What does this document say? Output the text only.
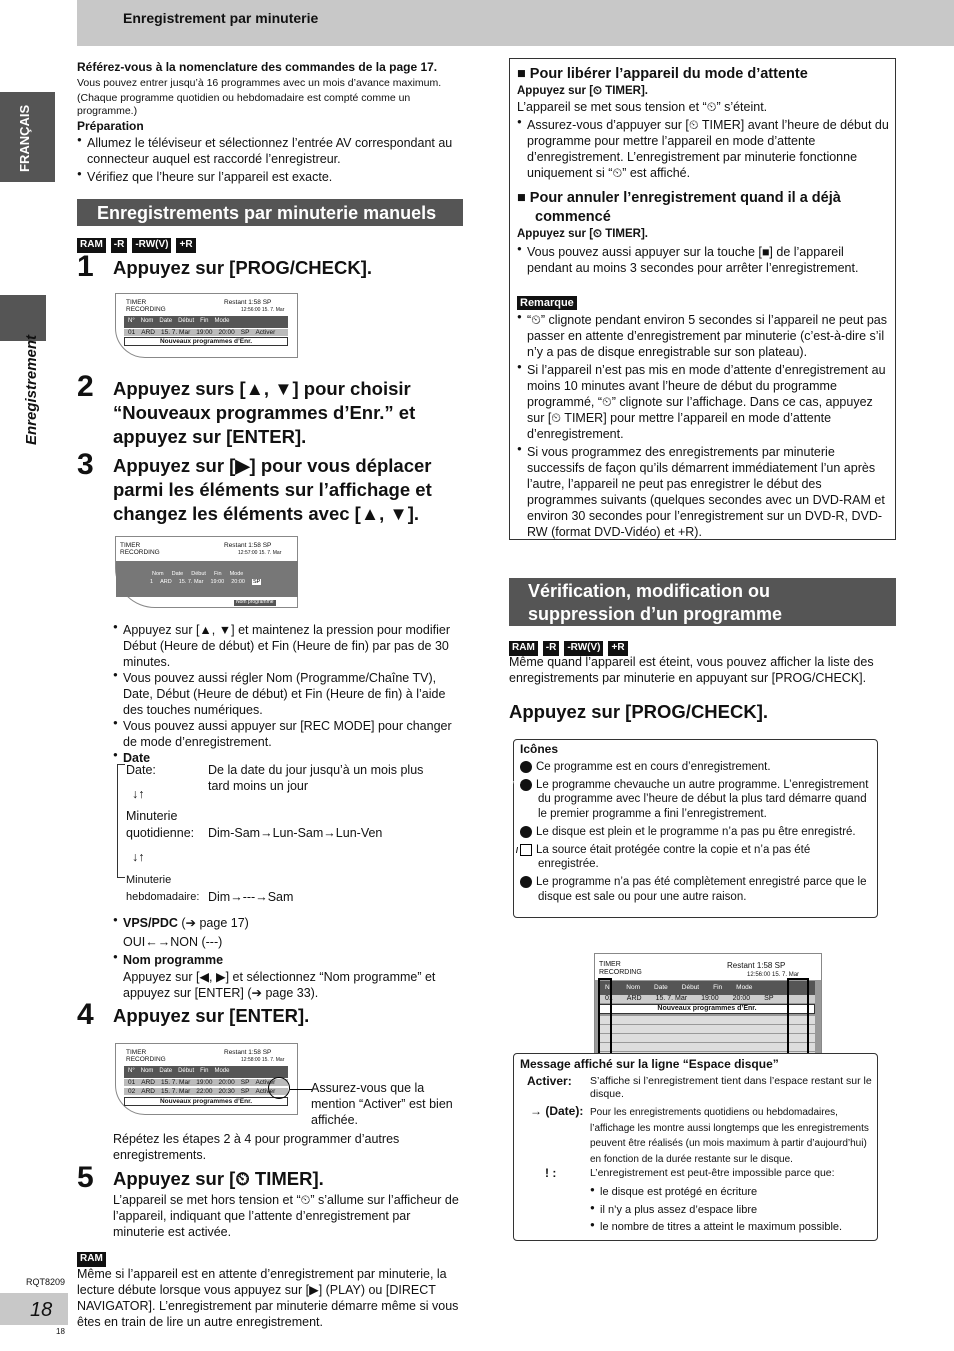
Enregistrement par minuterie
FRANÇAIS
Enregistrement
Référez-vous à la nomenclature des commandes de la page 17.
Vous pouvez entrer jusqu’à 16 programmes avec un mois d’avance maximum.
(Chaque programme quotidien ou hebdomadaire est compté comme un programme.)
Préparation
● Allumez le téléviseur et sélectionnez l’entrée AV correspondant au connecteur auquel est raccordé l’enregistreur.
● Vérifiez que l’heure sur l’appareil est exacte.
Enregistrements par minuterie manuels
RAM -R -RW(V) +R
1 Appuyez sur [PROG/CHECK].
TIMER
RECORDING
Restant 1:58 SP
12:56:00 15. 7. Mar
N° Nom Date Début Fin Mode
01 ARD 15. 7. Mar 19:00 20:00 SP Activer
Nouveaux programmes d’Enr.
2 Appuyez surs [▲, ▼] pour choisir “Nouveaux programmes d’Enr.” et appuyez sur [ENTER].
3 Appuyez sur [▶] pour vous déplacer parmi les éléments sur l’affichage et changez les éléments avec [▲, ▼].
TIMER
RECORDING
Restant 1:58 SP
12:57:00 15. 7. Mar
Nom Date Début Fin Mode
1 ARD 15. 7. Mar 19:00 20:00 SP
Nom programme
● Appuyez sur [▲, ▼] et maintenez la pression pour modifier Début (Heure de début) et Fin (Heure de fin) par pas de 30 minutes.
● Vous pouvez aussi régler Nom (Programme/Chaîne TV), Date, Début (Heure de début) et Fin (Heure de fin) à l’aide des touches numériques.
● Vous pouvez aussi appuyer sur [REC MODE] pour changer de mode d’enregistrement.
● Date
Date:	De la date du jour jusqu’à un mois plus tard moins un jour
↓↑
Minuterie
quotidienne: Dim-Sam→Lun-Sam→Lun-Ven
↓↑
Minuterie
hebdomadaire: Dim→---→Sam
● VPS/PDC (➔ page 17)
OUI←→NON (---)
● Nom programme
Appuyez sur [◀, ▶] et sélectionnez “Nom programme” et appuyez sur [ENTER] (➔ page 33).
4 Appuyez sur [ENTER].
TIMER
RECORDING
Restant 1:58 SP
12:58:00 15. 7. Mar
N° Nom Date Début Fin Mode
01 ARD 15. 7. Mar 19:00 20:00 SP Activer
02 ARD 15. 7. Mar 22:00 20:30 SP Activer
Nouveaux programmes d’Enr.
Assurez-vous que la mention “Activer” est bien affichée.
Répétez les étapes 2 à 4 pour programmer d’autres enregistrements.
5 Appuyez sur [⏲ TIMER].
L’appareil se met hors tension et “⏲” s’allume sur l’afficheur de l’appareil, indiquant que l’attente d’enregistrement par minuterie est activée.
RAM
Même si l’appareil est en attente d’enregistrement par minuterie, la lecture débute lorsque vous appuyez sur [▶] (PLAY) ou [DIRECT NAVIGATOR]. L’enregistrement par minuterie démarre même si vous êtes en train de lire un autre enregistrement.
RQT8209
18
18
■ Pour libérer l’appareil du mode d’attente
Appuyez sur [⏲ TIMER].
L’appareil se met sous tension et “⏲” s’éteint.
● Assurez-vous d’appuyer sur [⏲ TIMER] avant l’heure de début du programme pour mettre l’appareil en mode d’attente d’enregistrement. L’enregistrement par minuterie fonctionne uniquement si “⏲” est affiché.
■ Pour annuler l’enregistrement quand il a déjà commencé
Appuyez sur [⏲ TIMER].
● Vous pouvez aussi appuyer sur la touche [■] de l’appareil pendant au moins 3 secondes pour arrêter l’enregistrement.
Remarque
● “⏲” clignote pendant environ 5 secondes si l’appareil ne peut pas passer en attente d’enregistrement par minuterie (c’est-à-dire s’il n’y a pas de disque enregistrable sur son plateau).
● Si l’appareil n’est pas mis en mode d’attente d’enregistrement au moins 10 minutes avant l’heure de début du programme programmé, “⏲” clignote sur l’affichage. Dans ce cas, appuyez sur [⏲ TIMER] pour mettre l’appareil en mode d’attente d’enregistrement.
● Si vous programmez des enregistrements par minuterie successifs de façon qu’ils démarrent immédiatement l’un après l’autre, l’appareil ne peut pas enregistrer le début des programmes suivants (quelques secondes avec un DVD-RAM et environ 30 secondes pour l’enregistrement sur un DVD-R, DVD-RW (format DVD-Vidéo) et +R).
Vérification, modification ou
suppression d’un programme
RAM -R -RW(V) +R
Même quand l’appareil est éteint, vous pouvez afficher la liste des enregistrements par minuterie en appuyant sur [PROG/CHECK].
Appuyez sur [PROG/CHECK].
Icônes
Ce programme est en cours d’enregistrement.
W Le programme chevauche un autre programme. L’enregistrement du programme avec l’heure de début la plus tard démarre quand le premier programme a fini l’enregistrement.
F Le disque est plein et le programme n’a pas pu être enregistré.
/ La source était protégée contre la copie et n’a pas été enregistrée.
X Le programme n’a pas été complètement enregistré parce que le disque est sale ou pour une autre raison.
TIMER
RECORDING
Restant 1:58 SP
12:56:00 15. 7. Mar
N° Nom Date Début Fin Mode
01 ARD 15. 7. Mar 19:00 20:00 SP
Nouveaux programmes d’Enr.
Message affiché sur la ligne “Espace disque”
Activer: S’affiche si l’enregistrement tient dans l’espace restant sur le disque.
→ (Date): Pour les enregistrements quotidiens ou hebdomadaires, l’affichage les montre aussi longtemps que les enregistrements peuvent être réalisés (un mois maximum à partir d’aujourd’hui) en fonction de la durée restante sur le disque.
! :	L’enregistrement est peut-être impossible parce que:
● le disque est protégé en écriture
● il n’y a plus assez d’espace libre
● le nombre de titres a atteint le maximum possible.
